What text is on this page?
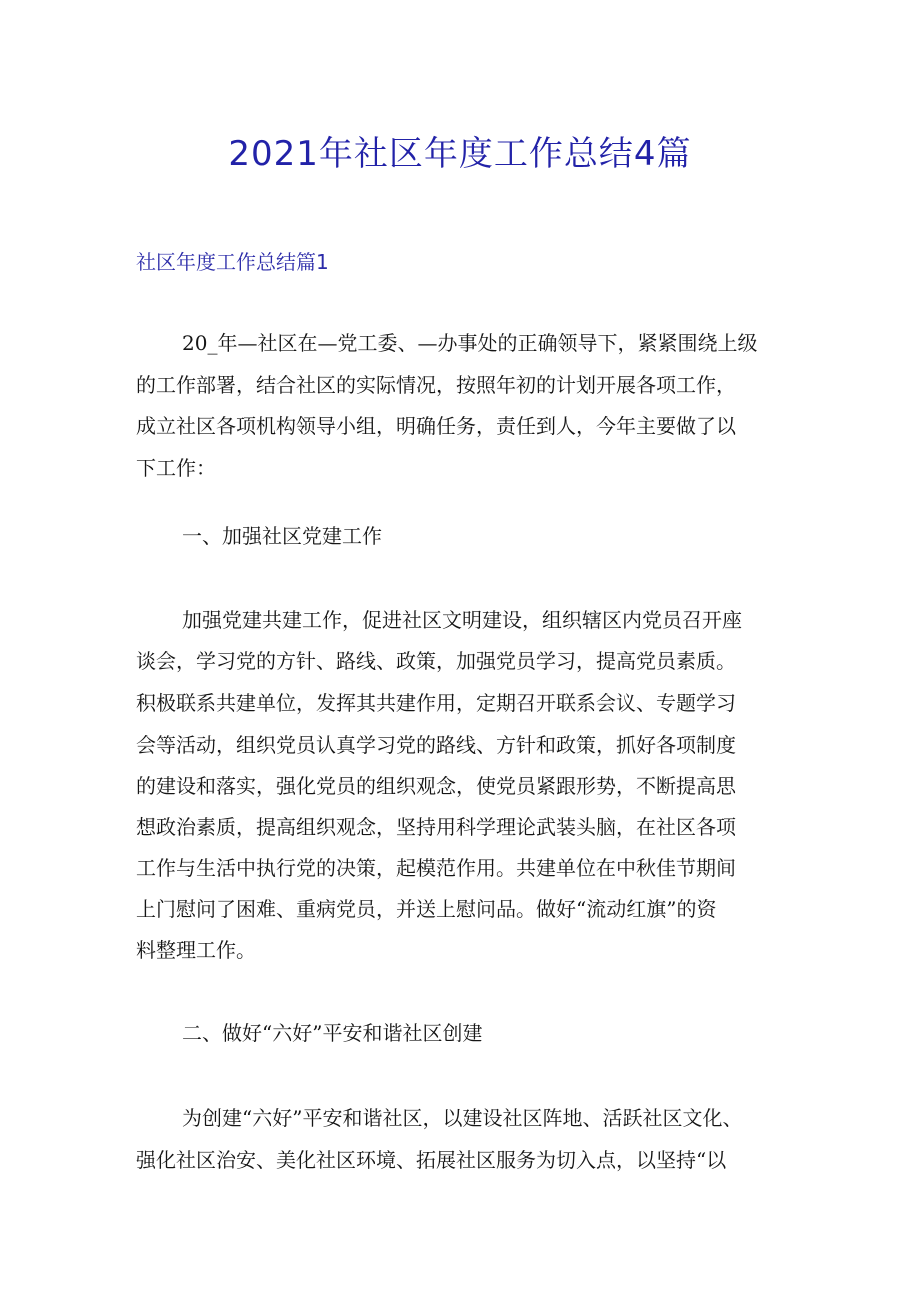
2021年社区年度工作总结4篇
社区年度工作总结篇1
20_年—社区在—党工委、—办事处的正确领导下，紧紧围绕上级
的工作部署，结合社区的实际情况，按照年初的计划开展各项工作，
成立社区各项机构领导小组，明确任务，责任到人，今年主要做了以
下工作：
一、加强社区党建工作
加强党建共建工作，促进社区文明建设，组织辖区内党员召开座
谈会，学习党的方针、路线、政策，加强党员学习，提高党员素质。
积极联系共建单位，发挥其共建作用，定期召开联系会议、专题学习
会等活动，组织党员认真学习党的路线、方针和政策，抓好各项制度
的建设和落实，强化党员的组织观念，使党员紧跟形势，不断提高思
想政治素质，提高组织观念，坚持用科学理论武装头脑，在社区各项
工作与生活中执行党的决策，起模范作用。共建单位在中秋佳节期间
上门慰问了困难、重病党员，并送上慰问品。做好“流动红旗”的资
料整理工作。
二、做好“六好”平安和谐社区创建
为创建“六好”平安和谐社区，以建设社区阵地、活跃社区文化、
强化社区治安、美化社区环境、拓展社区服务为切入点，以坚持“以
